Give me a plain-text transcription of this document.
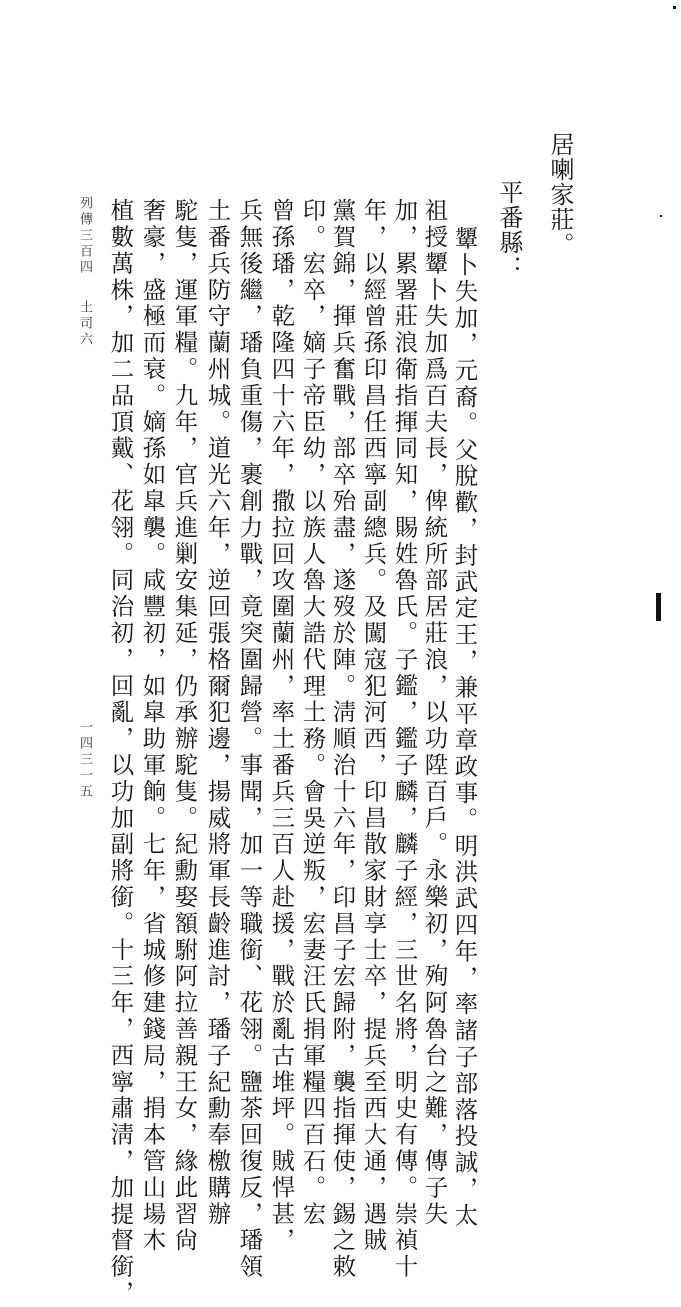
居喇家莊。
平番縣：
顰卜失加，元裔。父脫歡，封武定王，兼平章政事。明洪武四年，率諸子部落投誠，太
祖授顰卜失加爲百夫長，俾統所部居莊浪，以功陞百戶。永樂初，殉阿魯台之難，傳子失
加，累署莊浪衛指揮同知，賜姓魯氏。子鑑，鑑子麟，麟子經，三世名將，明史有傳。崇禎十
年，以經曾孫印昌任西寧副總兵。及闖寇犯河西，印昌散家財享士卒，提兵至西大通，遇賊
黨賀錦，揮兵奮戰，部卒殆盡，遂歿於陣。淸順治十六年，印昌子宏歸附，襲指揮使，錫之敕
印。宏卒，嫡子帝臣幼，以族人魯大誥代理土務。會吳逆叛，宏妻汪氏捐軍糧四百石。宏
曾孫璠，乾隆四十六年，撒拉回攻圍蘭州，率土番兵三百人赴援，戰於亂古堆坪。賊悍甚，
兵無後繼，璠負重傷，裹創力戰，竟突圍歸營。事聞，加一等職銜、花翎。鹽茶回復反，璠領
土番兵防守蘭州城。道光六年，逆回張格爾犯邊，揚威將軍長齡進討，璠子紀勳奉檄購辦
駝隻，運軍糧。九年，官兵進剿安集延，仍承辦駝隻。紀勳娶額駙阿拉善親王女，緣此習尙
奢豪，盛極而衰。嫡孫如皐襲。咸豐初，如皐助軍餉。七年，省城修建錢局，捐本管山場木
植數萬株，加二品頂戴、花翎。同治初，回亂，以功加副將銜。十三年，西寧肅淸，加提督銜，
列傳三百四
土司六
一四三一五
